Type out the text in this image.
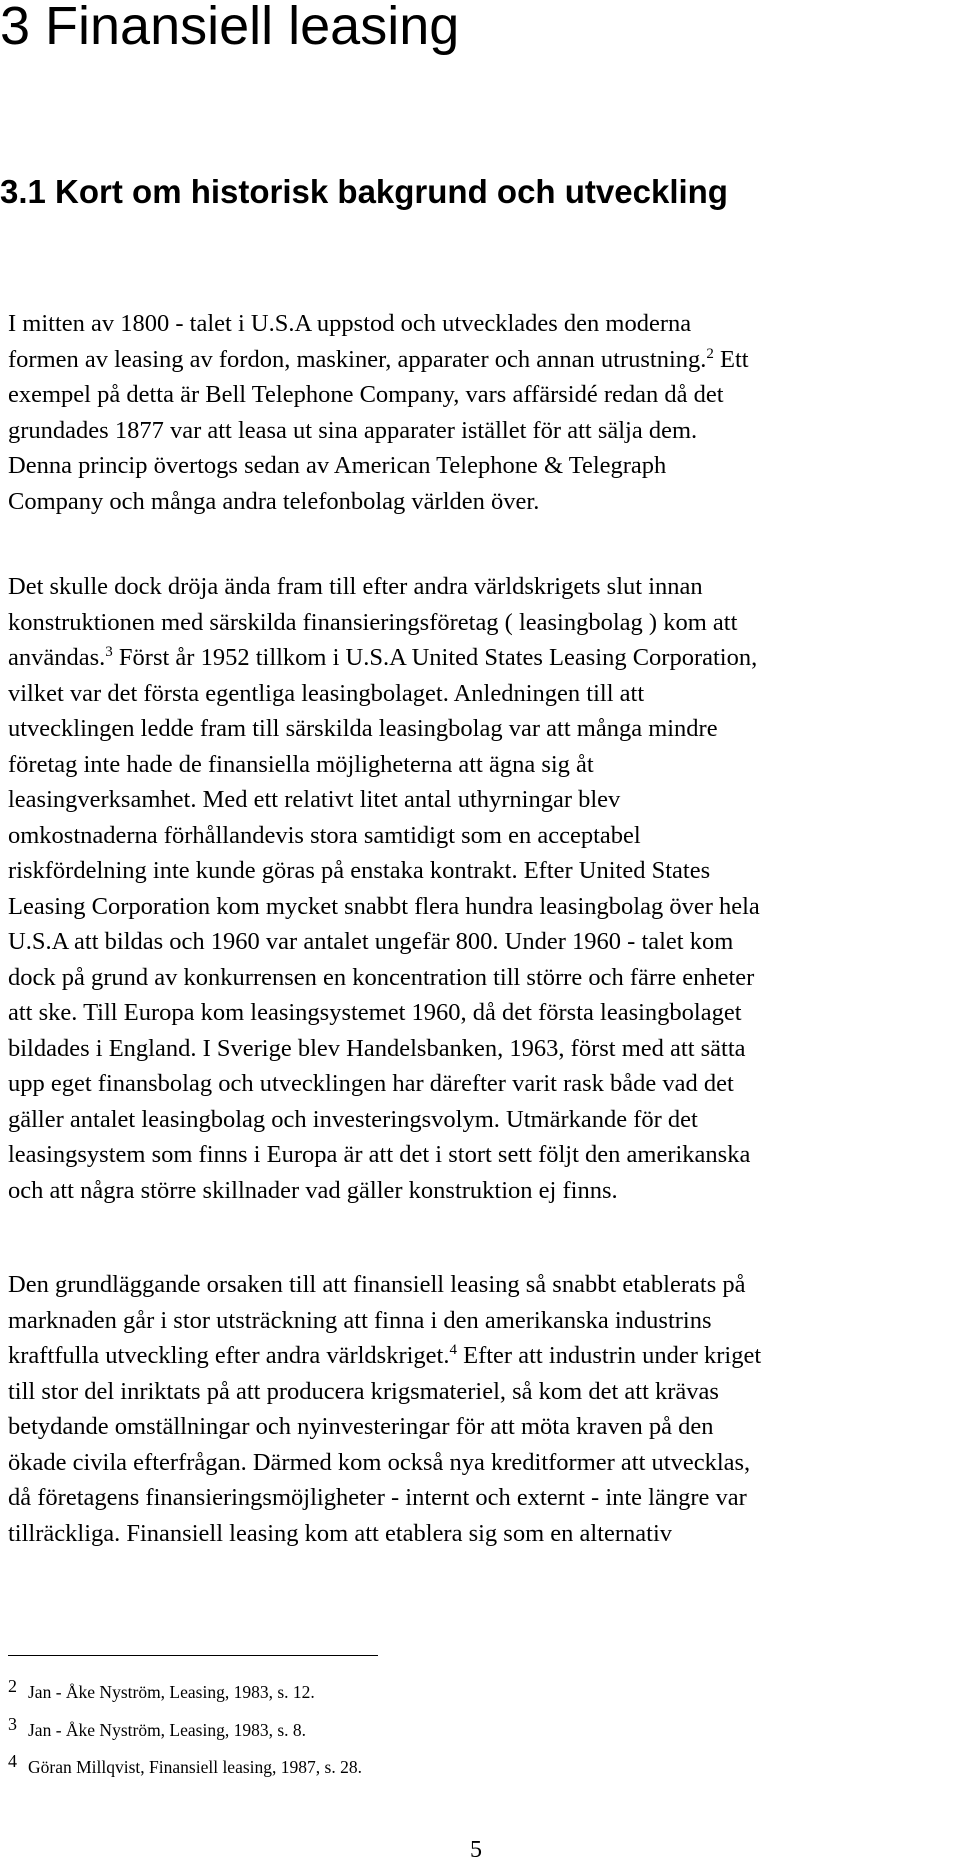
3 Finansiell leasing
3.1 Kort om historisk bakgrund och utveckling

I mitten av 1800 - talet i U.S.A uppstod och utvecklades den moderna
formen av leasing av fordon, maskiner, apparater och annan utrustning.$^2$ Ett
exempel på detta är Bell Telephone Company, vars affärsidé redan då det
grundades 1877 var att leasa ut sina apparater istället för att sälja dem.
Denna princip övertogs sedan av American Telephone & Telegraph
Company och många andra telefonbolag världen över.

Det skulle dock dröja ända fram till efter andra världskrigets slut innan
konstruktionen med särskilda finansieringsföretag ( leasingbolag ) kom att
användas.$^3$ Först år 1952 tillkom i U.S.A United States Leasing Corporation,
vilket var det första egentliga leasingbolaget. Anledningen till att
utvecklingen ledde fram till särskilda leasingbolag var att många mindre
företag inte hade de finansiella möjligheterna att ägna sig åt
leasingverksamhet. Med ett relativt litet antal uthyrningar blev
omkostnaderna förhållandevis stora samtidigt som en acceptabel
riskfördelning inte kunde göras på enstaka kontrakt. Efter United States
Leasing Corporation kom mycket snabbt flera hundra leasingbolag över hela
U.S.A att bildas och 1960 var antalet ungefär 800. Under 1960 - talet kom
dock på grund av konkurrensen en koncentration till större och färre enheter
att ske. Till Europa kom leasingsystemet 1960, då det första leasingbolaget
bildades i England. I Sverige blev Handelsbanken, 1963, först med att sätta
upp eget finansbolag och utvecklingen har därefter varit rask både vad det
gäller antalet leasingbolag och investeringsvolym. Utmärkande för det
leasingsystem som finns i Europa är att det i stort sett följt den amerikanska
och att några större skillnader vad gäller konstruktion ej finns.

Den grundläggande orsaken till att finansiell leasing så snabbt etablerats på
marknaden går i stor utsträckning att finna i den amerikanska industrins
kraftfulla utveckling efter andra världskriget.$^4$ Efter att industrin under kriget
till stor del inriktats på att producera krigsmateriel, så kom det att krävas
betydande omställningar och nyinvesteringar för att möta kraven på den
ökade civila efterfrågan. Därmed kom också nya kreditformer att utvecklas,
då företagens finansieringsmöjligheter - internt och externt - inte längre var
tillräckliga. Finansiell leasing kom att etablera sig som en alternativ

2 Jan - Åke Nyström, Leasing, 1983, s. 12.

3 Jan - Åke Nyström, Leasing, 1983, s. 8.

4 Göran Millqvist, Finansiell leasing, 1987, s. 28.

5
